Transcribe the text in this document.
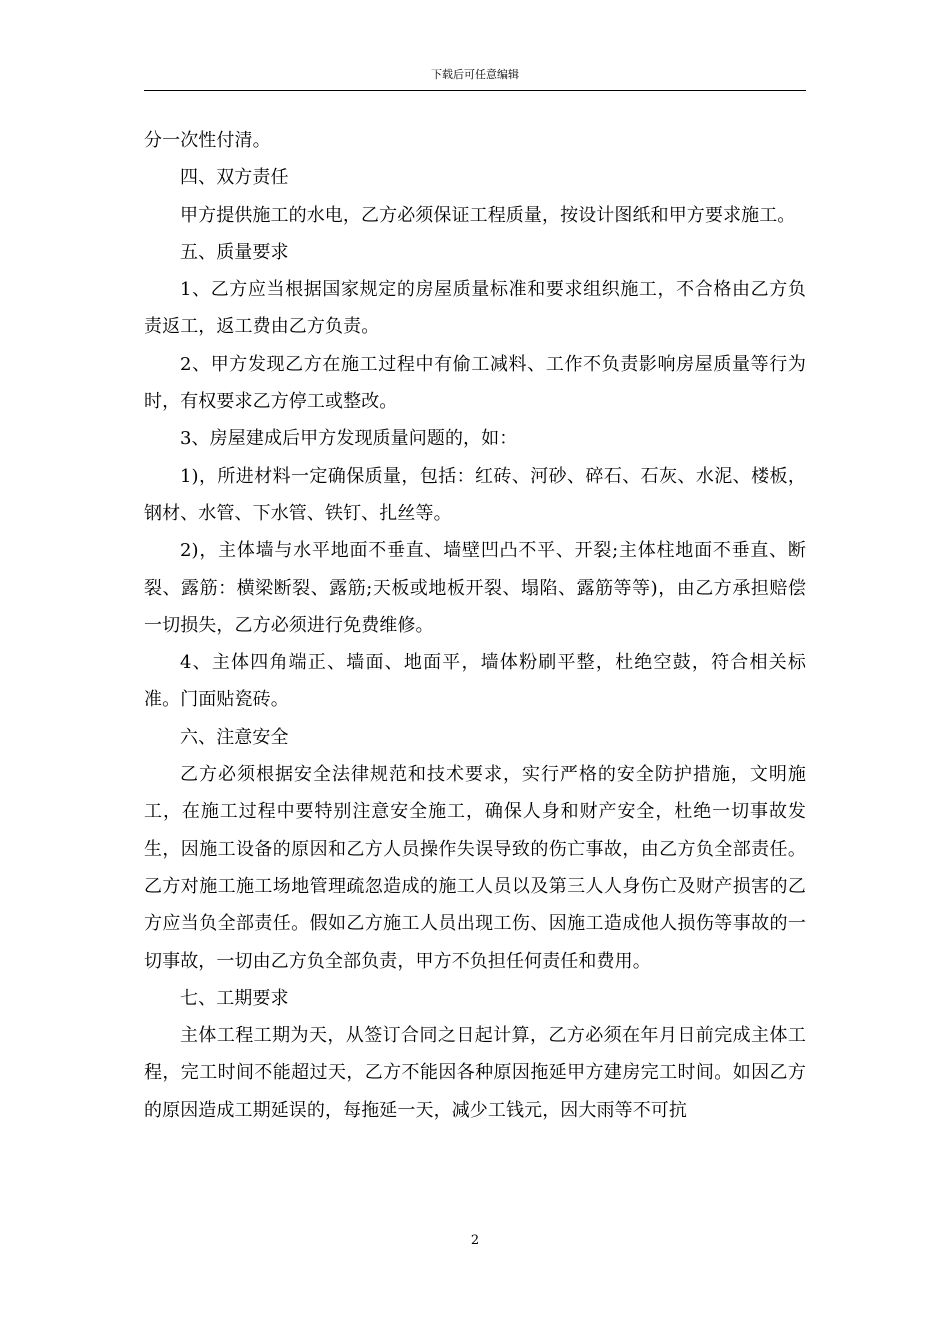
下载后可任意编辑

分一次性付清。

四、双方责任

甲方提供施工的水电，乙方必须保证工程质量，按设计图纸和甲方要求施工。

五、质量要求

1、乙方应当根据国家规定的房屋质量标准和要求组织施工，不合格由乙方负责返工，返工费由乙方负责。

2、甲方发现乙方在施工过程中有偷工减料、工作不负责影响房屋质量等行为时，有权要求乙方停工或整改。

3、房屋建成后甲方发现质量问题的，如：

1)，所进材料一定确保质量，包括：红砖、河砂、碎石、石灰、水泥、楼板，钢材、水管、下水管、铁钉、扎丝等。

2)，主体墙与水平地面不垂直、墙壁凹凸不平、开裂;主体柱地面不垂直、断裂、露筋：横梁断裂、露筋;天板或地板开裂、塌陷、露筋等等)，由乙方承担赔偿一切损失，乙方必须进行免费维修。

4、主体四角端正、墙面、地面平，墙体粉刷平整，杜绝空鼓，符合相关标准。门面贴瓷砖。

六、注意安全

乙方必须根据安全法律规范和技术要求，实行严格的安全防护措施，文明施工，在施工过程中要特别注意安全施工，确保人身和财产安全，杜绝一切事故发生，因施工设备的原因和乙方人员操作失误导致的伤亡事故，由乙方负全部责任。乙方对施工施工场地管理疏忽造成的施工人员以及第三人人身伤亡及财产损害的乙方应当负全部责任。假如乙方施工人员出现工伤、因施工造成他人损伤等事故的一切事故，一切由乙方负全部负责，甲方不负担任何责任和费用。

七、工期要求

主体工程工期为天，从签订合同之日起计算，乙方必须在年月日前完成主体工程，完工时间不能超过天，乙方不能因各种原因拖延甲方建房完工时间。如因乙方的原因造成工期延误的，每拖延一天，减少工钱元，因大雨等不可抗

2
